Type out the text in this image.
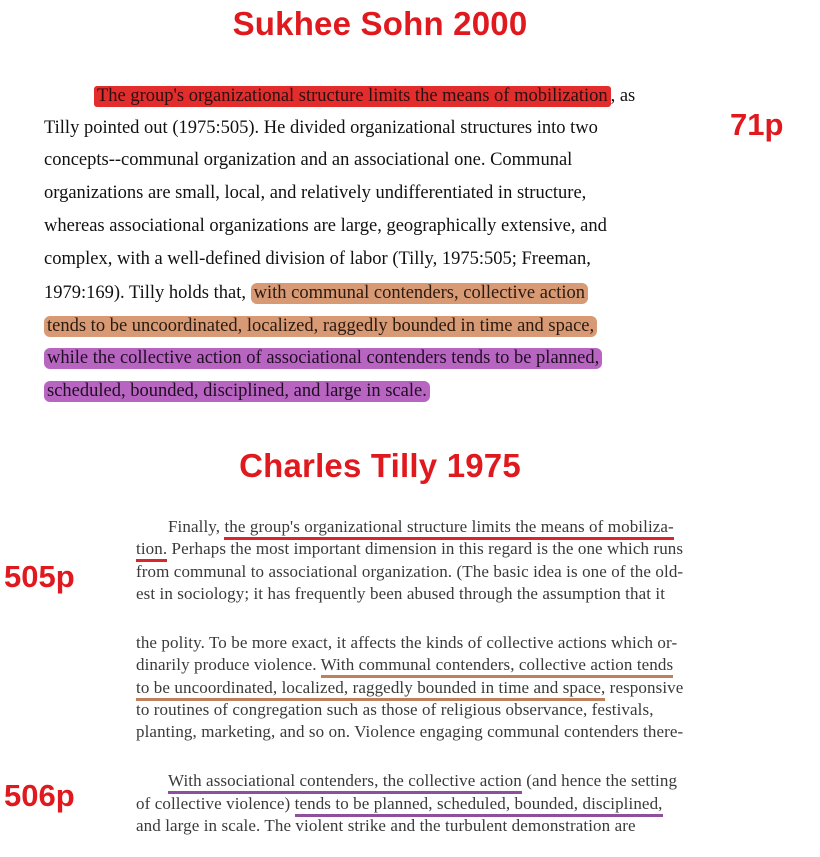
Sukhee Sohn 2000
71p
The group's organizational structure limits the means of mobilization , as
Tilly pointed out (1975:505). He divided organizational structures into two
concepts--communal organization and an associational one. Communal
organizations are small, local, and relatively undifferentiated in structure,
whereas associational organizations are large, geographically extensive, and
complex, with a well-defined division of labor (Tilly, 1975:505; Freeman,
1979:169). Tilly holds that, with communal contenders, collective action
tends to be uncoordinated, localized, raggedly bounded in time and space,
while the collective action of associational contenders tends to be planned,
scheduled, bounded, disciplined, and large in scale.
Charles Tilly 1975
505p
506p
Finally, the group's organizational structure limits the means of mobiliza-
tion. Perhaps the most important dimension in this regard is the one which runs
from communal to associational organization. (The basic idea is one of the old-
est in sociology; it has frequently been abused through the assumption that it
the polity. To be more exact, it affects the kinds of collective actions which or-
dinarily produce violence. With communal contenders, collective action tends
to be uncoordinated, localized, raggedly bounded in time and space, responsive
to routines of congregation such as those of religious observance, festivals,
planting, marketing, and so on. Violence engaging communal contenders there-
With associational contenders, the collective action (and hence the setting
of collective violence) tends to be planned, scheduled, bounded, disciplined,
and large in scale. The violent strike and the turbulent demonstration are
